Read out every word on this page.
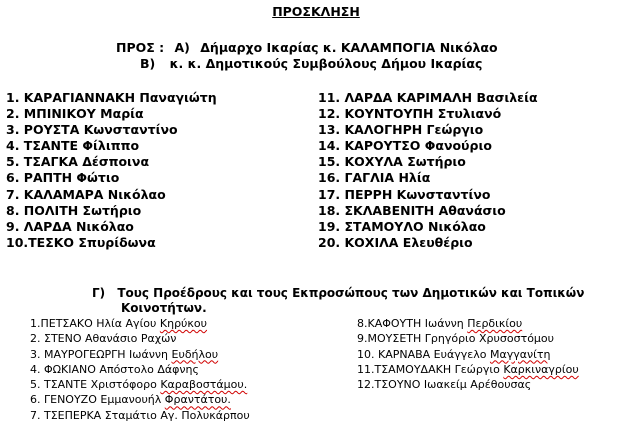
ΠΡΟΣΚΛΗΣΗ
ΠΡΟΣ : Α) Δήμαρχο Ικαρίας κ. ΚΑΛΑΜΠΟΓΙΑ Νικόλαο
Β) κ. κ. Δημοτικούς Συμβούλους Δήμου Ικαρίας
1. ΚΑΡΑΓΙΑΝΝΑΚΗ Παναγιώτη
2. ΜΠΙΝΙΚΟΥ Μαρία
3. ΡΟΥΣΤΑ Κωνσταντίνο
4. ΤΣΑΝΤΕ Φίλιππο
5. ΤΣΑΓΚΑ Δέσποινα
6. ΡΑΠΤΗ Φώτιο
7. ΚΑΛΑΜΑΡΑ Νικόλαο
8. ΠΟΛΙΤΗ Σωτήριο
9. ΛΑΡΔΑ Νικόλαο
10.ΤΕΣΚΟ Σπυρίδωνα
11. ΛΑΡΔΑ ΚΑΡΙΜΑΛΗ Βασιλεία
12. ΚΟΥΝΤΟΥΠΗ Στυλιανό
13. ΚΑΛΟΓΗΡΗ Γεώργιο
14. ΚΑΡΟΥΤΣΟ Φανούριο
15. ΚΟΧΥΛΑ Σωτήριο
16. ΓΑΓΛΙΑ Ηλία
17. ΠΕΡΡΗ Κωνσταντίνο
18. ΣΚΛΑΒΕΝΙΤΗ Αθανάσιο
19. ΣΤΑΜΟΥΛΟ Νικόλαο
20. ΚΟΧΙΛΑ Ελευθέριο
Γ) Τους Προέδρους και τους Εκπροσώπους των Δημοτικών και Τοπικών
Κοινοτήτων.
1.ΠΕΤΣΑΚΟ Ηλία Αγίου Κηρύκου
2. ΣΤΕΝΟ Αθανάσιο Ραχών
3. ΜΑΥΡΟΓΕΩΡΓΗ Ιωάννη Ευδήλου
4. ΦΩΚΙΑΝΟ Απόστολο Δάφνης
5. ΤΣΑΝΤΕ Χριστόφορο Καραβοστάμου.
6. ΓΕΝΟΥΖΟ Εμμανουήλ Φραντάτου.
7. ΤΣΕΠΕΡΚΑ Σταμάτιο Αγ. Πολυκάρπου
8.ΚΑΦΟΥΤΗ Ιωάννη Περδικίου
9.ΜΟΥΣΕΤΗ Γρηγόριο Χρυσοστόμου
10. ΚΑΡΝΑΒΑ Ευάγγελο Μαγγανίτη
11.ΤΣΑΜΟΥΔΑΚΗ Γεώργιο Καρκιναγρίου
12.ΤΣΟΥΝΟ Ιωακείμ Αρέθουσας
